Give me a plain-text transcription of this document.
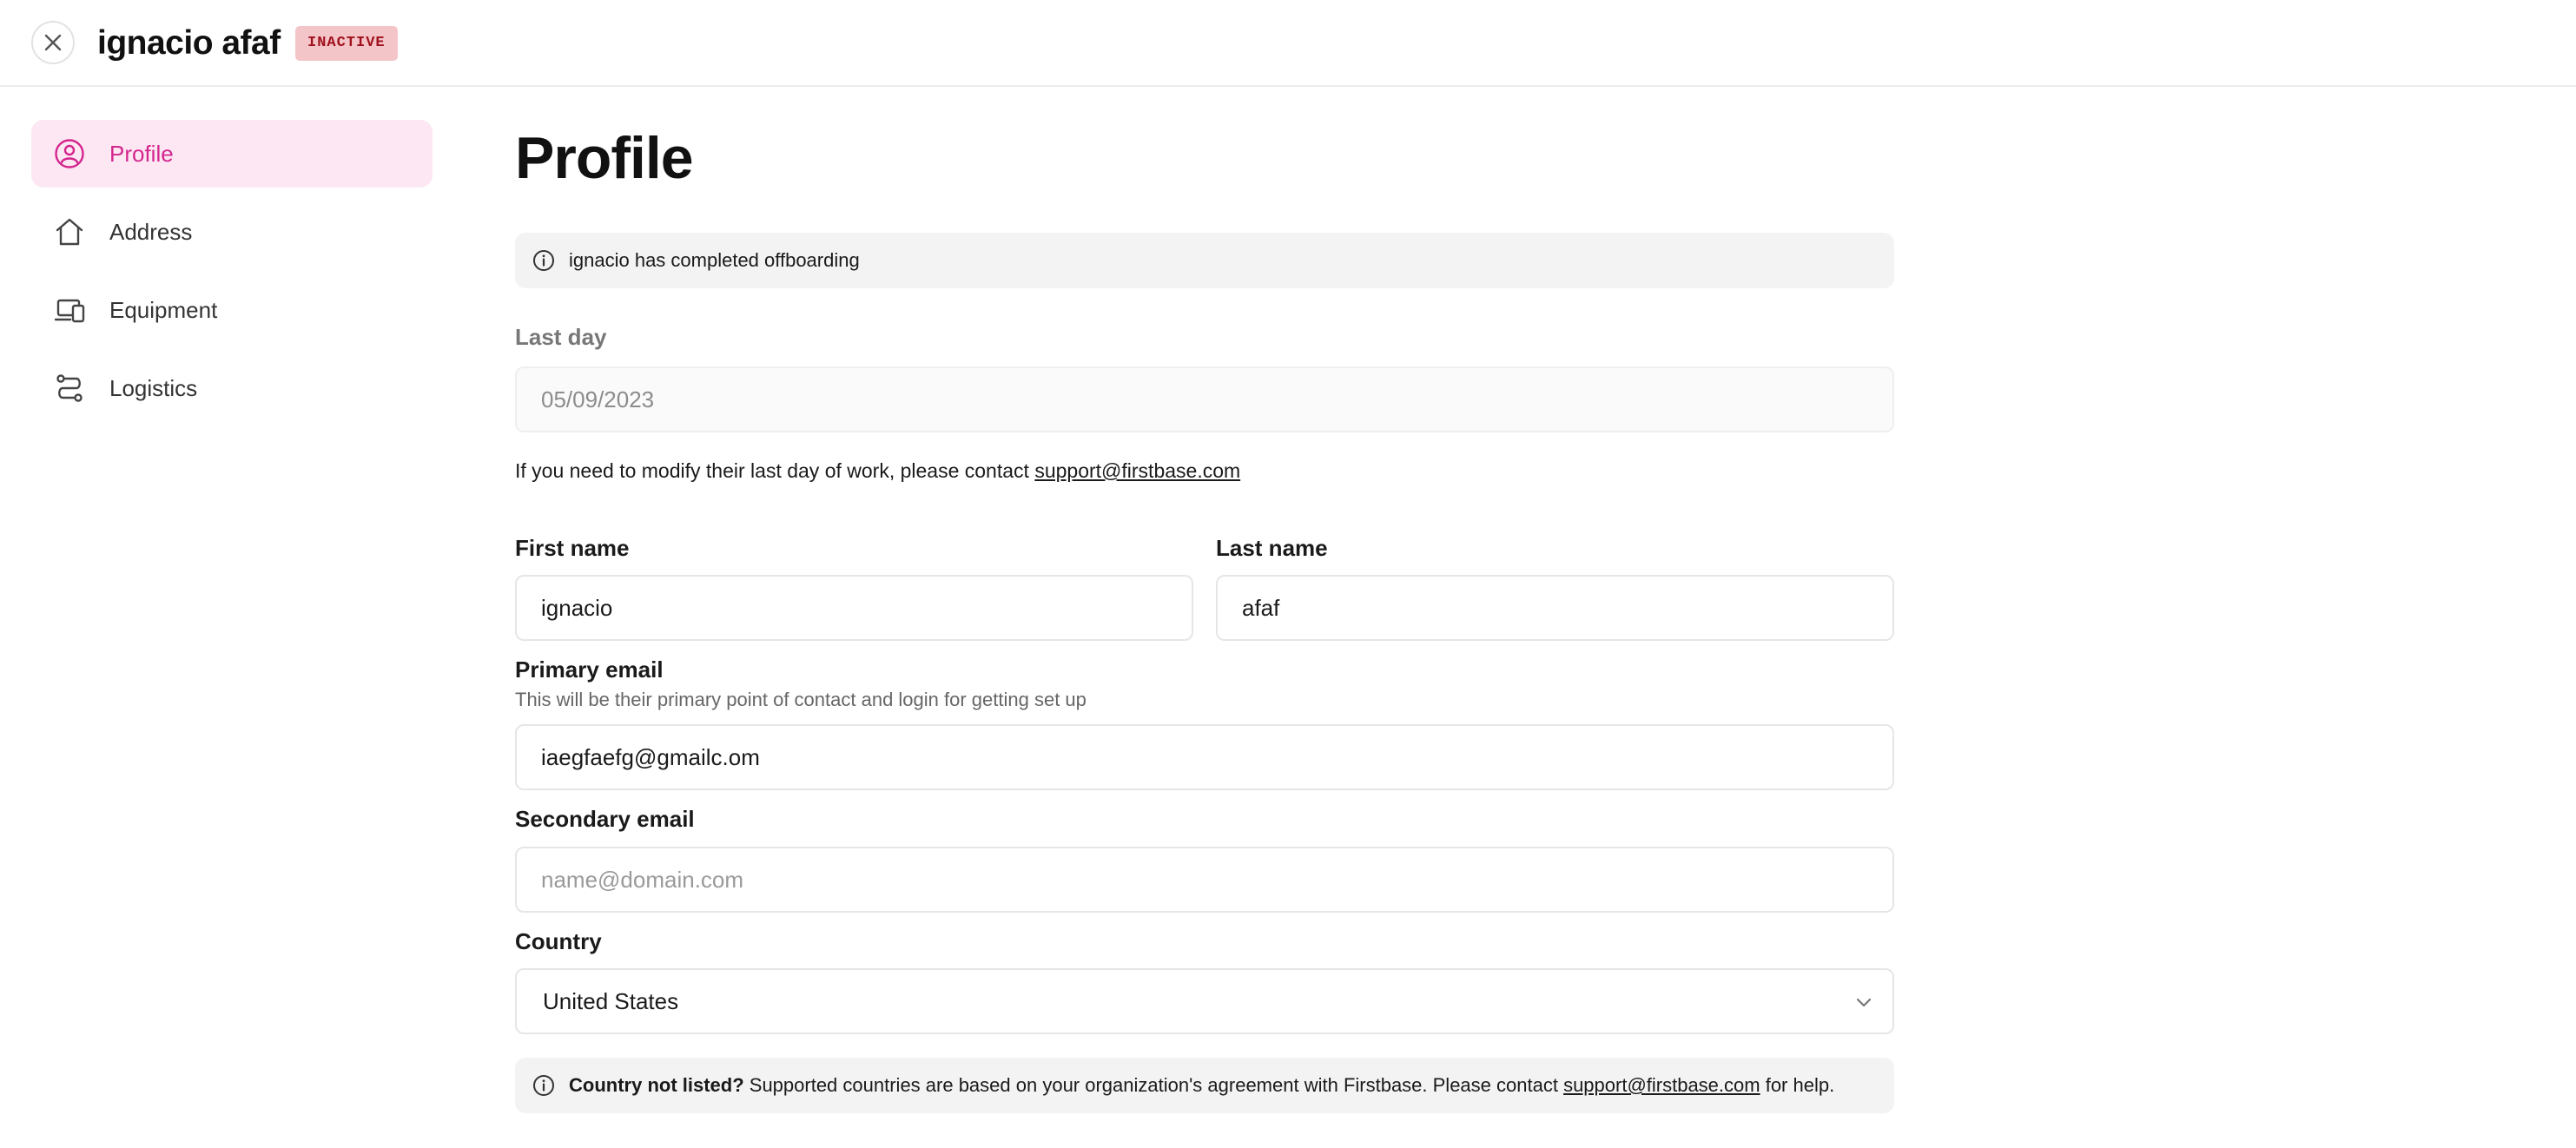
ignacio afaf	INACTIVE
Profile
Address
Equipment
Logistics
Profile
ignacio has completed offboarding
Last day
05/09/2023
If you need to modify their last day of work, please contact support@firstbase.com
First name
ignacio	Last name
afaf
Primary email
This will be their primary point of contact and login for getting set up
iaegfaefg@gmailc.om
Secondary email
name@domain.com
Country
United States
Country not listed? Supported countries are based on your organization's agreement with Firstbase. Please contact support@firstbase.com for help.
